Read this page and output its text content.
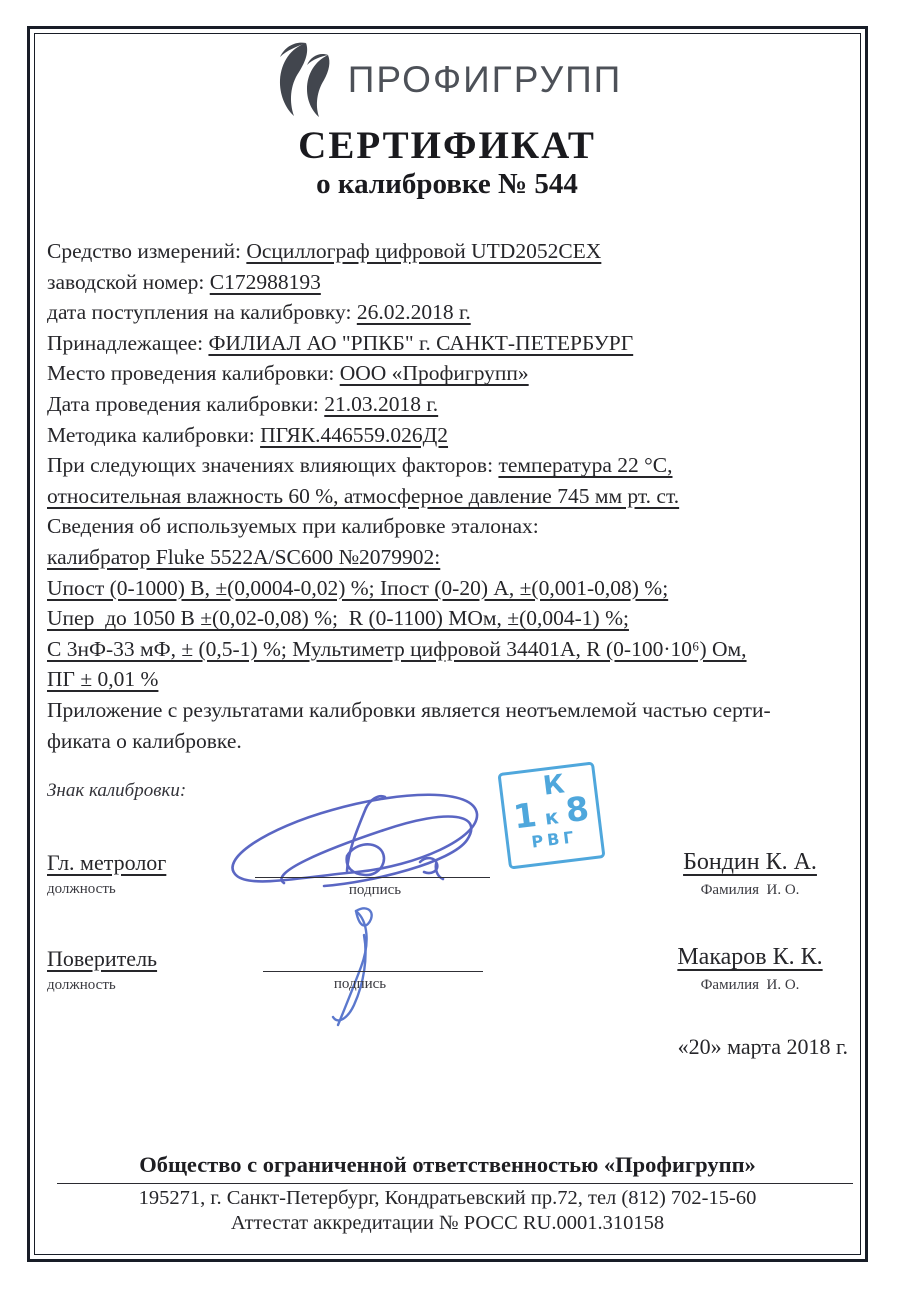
ПРОФИГРУПП
СЕРТИФИКАТ
о калибровке № 544
Средство измерений: Осциллограф цифровой UTD2052CEX
заводской номер: С172988193
дата поступления на калибровку: 26.02.2018 г.
Принадлежащее: ФИЛИАЛ АО "РПКБ" г. САНКТ-ПЕТЕРБУРГ
Место проведения калибровки: ООО «Профигрупп»
Дата проведения калибровки: 21.03.2018 г.
Методика калибровки: ПГЯК.446559.026Д2
При следующих значениях влияющих факторов: температура 22 °С,
относительная влажность 60 %, атмосферное давление 745 мм рт. ст.
Сведения об используемых при калибровке эталонах:
калибратор Fluke 5522A/SC600 №2079902:
Uпост (0-1000) В, ±(0,0004-0,02) %; Iпост (0-20) А, ±(0,001-0,08) %;
Uпер  до 1050 В ±(0,02-0,08) %;  R (0-1100) МОм, ±(0,004-1) %;
С 3нФ-33 мФ, ± (0,5-1) %; Мультиметр цифровой 34401А, R (0-100·10⁶) Ом,
ПГ ± 0,01 %
Приложение с результатами калибровки является неотъемлемой частью серти-
фиката о калибровке.
Знак калибровки:	К
1 к 8
РВГ
Гл. метролог
должность	подпись
Бондин К. А.
Фамилия  И. О.
Поверитель
должность	подпись
Макаров К. К.
Фамилия  И. О.
«20» марта 2018 г.
Общество с ограниченной ответственностью «Профигрупп»
195271, г. Санкт-Петербург, Кондратьевский пр.72, тел (812) 702-15-60
Аттестат аккредитации № РОСС RU.0001.310158
